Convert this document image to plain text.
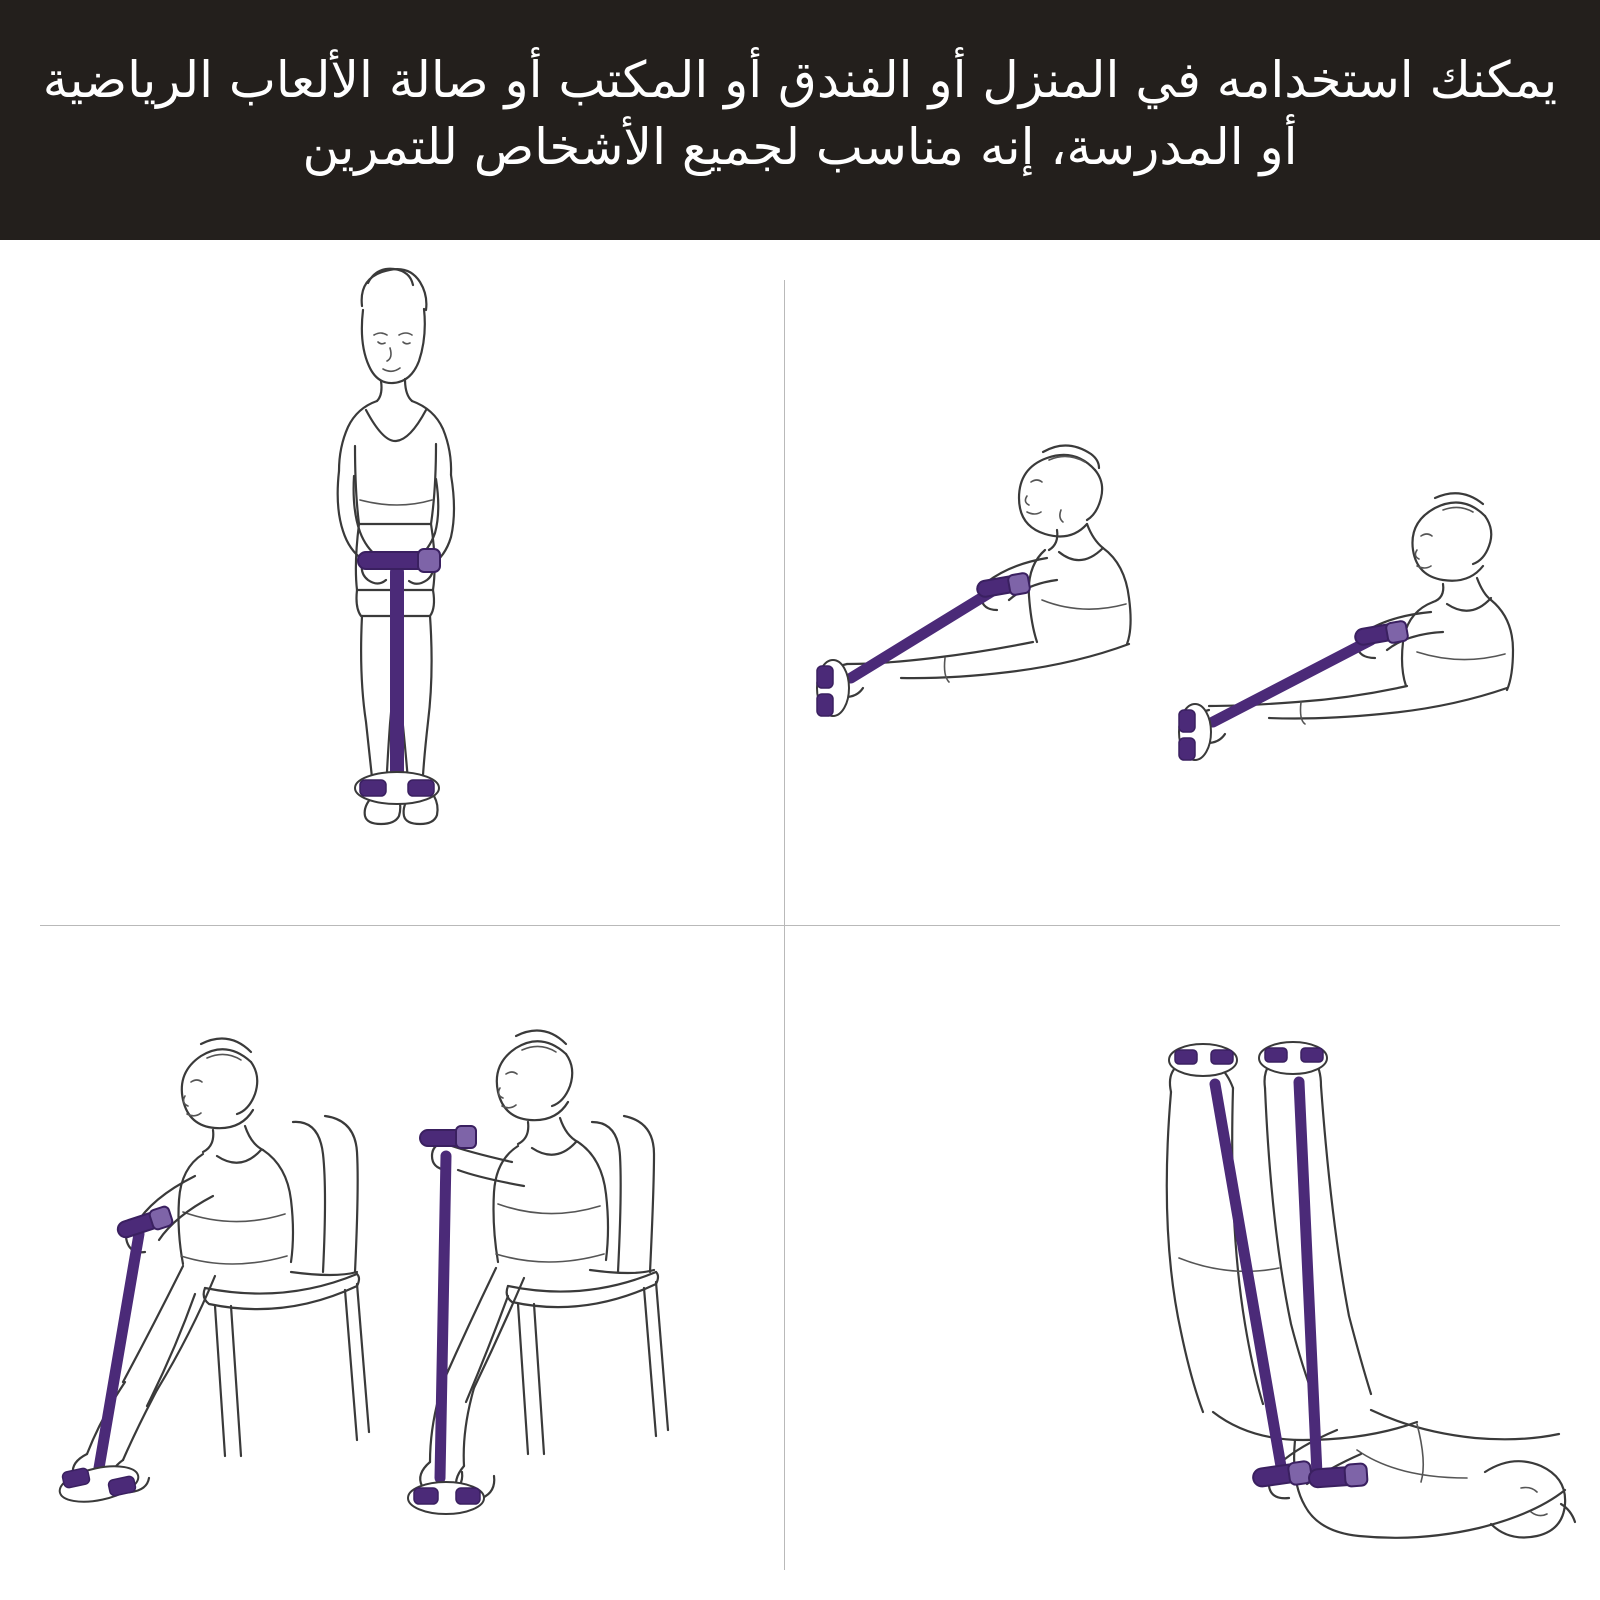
يمكنك استخدامه في المنزل أو الفندق أو المكتب أو صالة الألعاب الرياضية أو المدرسة، إنه مناسب لجميع الأشخاص للتمرين
